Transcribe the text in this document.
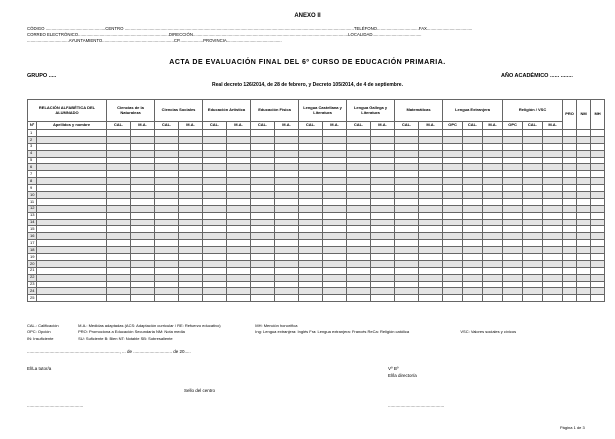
ANEXO II
CÓDIGO ..................................................CENTRO ................................................................................................................................................................................................TELÉFONO...................................FAX......................................
CORREO ELECTRÓNICO............................................................................DIRECCIÓN..................................................................................................................................LOCALIDAD.........................................
...................................AYUNTAMIENTO............................................................CP....................PROVINCIA..............................................
ACTA DE EVALUACIÓN FINAL DEL 6º CURSO DE EDUCACIÓN PRIMARIA.
GRUPO .....	AÑO ACADÉMICO ...... ........
Real decreto 126/2014, de 28 de febrero, y Decreto 105/2014, de 4 de septiembre.
RELACIÓN ALFABÉTICA DEL ALUMNADO		Ciencias de la Naturaleza		Ciencias Sociales		Educación Artística		Educación Física		Lengua Castellana y Literatura		Lengua Gallega y Literatura		Matemáticas		Lengua Extranjera			Religión / VSC			PRO	NM	MH
Nº	Apellidos y nombre	CAL.	M.A.	CAL.	M.A.	CAL.	M.A.	CAL.	M.A.	CAL.	M.A.	CAL.	M.A.	CAL.	M.A.	OPC	CAL.	M.A.	OPC	CAL.	M.A.			
1																								
2																								
3																								
4																								
5																								
6																								
7																								
8																								
9																								
10																								
11																								
12																								
13																								
14																								
15																								
16																								
17																								
18																								
19																								
20																								
21																								
22																								
23																								
24																								
25																								
CAL.: Calificación	M.A.: Medidas adaptadas (ACS: Adaptación curricular / RE: Refuerzo educativo)	MH: Mención honorífica
OPC: Opción	PRO: Promociona a Educación Secundaria NM: Nota media	Ing: Lengua extranjera: Inglés Fra: Lengua extranjera: Francés ReCa: Religión católica	VSC: Valores sociales y cívicos
IN: Insuficiente	SU: Suficiente B: Bien NT: Notable SB: Sobresaliente
.........................................................................., ... de ............................... de 20.....
El/La tutor/a	Vº Bº
El/la director/a
Sello del centro
.............................................	.............................................
Página 1 de 3
